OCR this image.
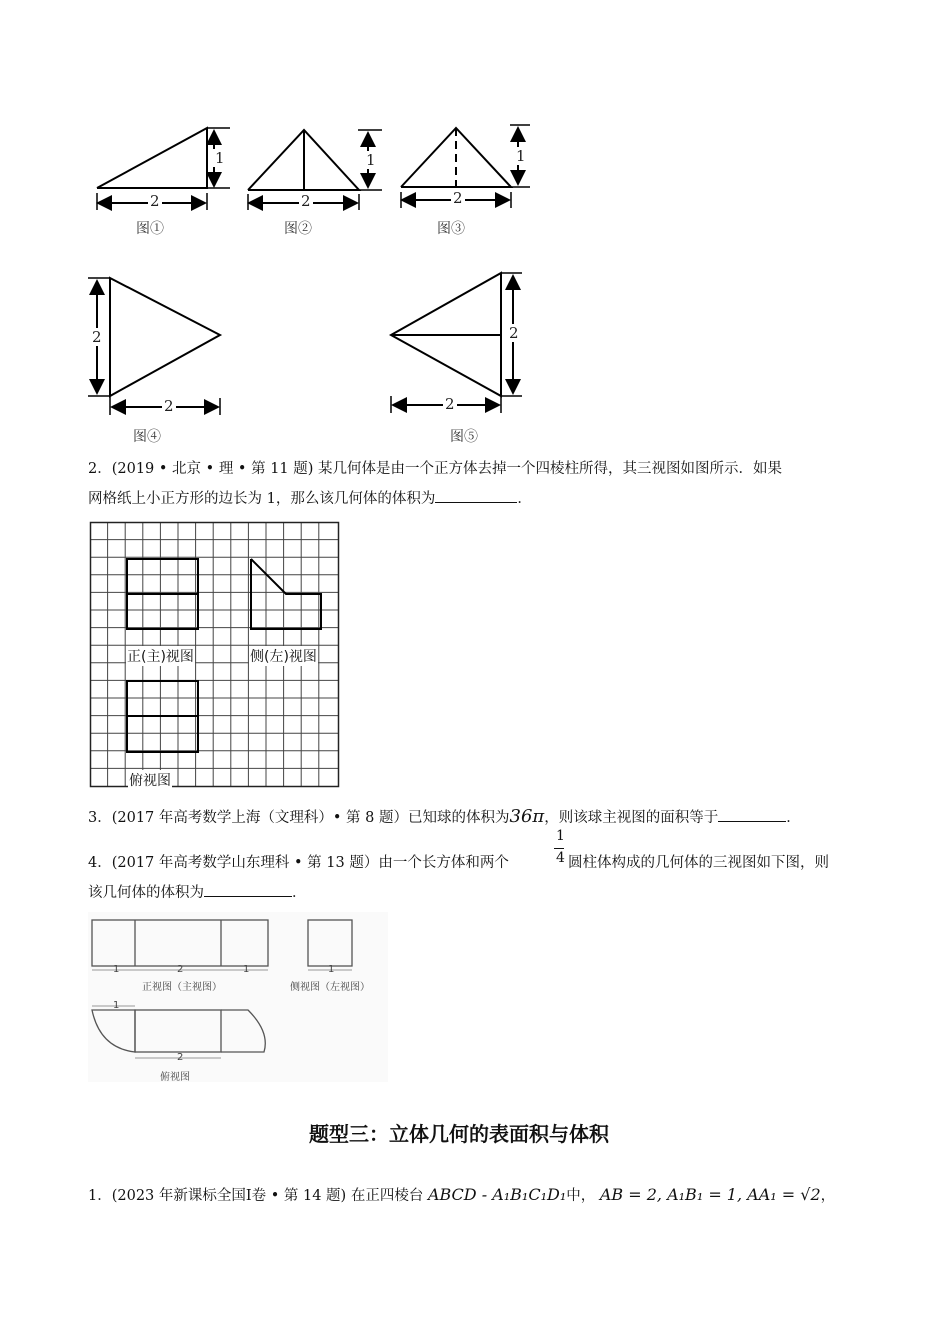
1
2
图①
1
2
图②
1
2
图③
2
2
图④
2
2
图⑤
2．(2019 • 北京 • 理 • 第 11 题) 某几何体是由一个正方体去掉一个四棱柱所得，其三视图如图所示．如果
网格纸上小正方形的边长为 1，那么该几何体的体积为	．
正(主)视图	侧(左)视图
俯视图
3．(2017 年高考数学上海（文理科）• 第 8 题）已知球的体积为36π，则该球主视图的面积等于	．
1
4
4．(2017 年高考数学山东理科 • 第 13 题）由一个长方体和两个	圆柱体构成的几何体的三视图如下图，则
该几何体的体积为	．
1	2	1	1
正视图（主视图）	侧视图（左视图）
1
2
俯视图
题型三：立体几何的表面积与体积
1．(2023 年新课标全国Ⅰ卷 • 第 14 题) 在正四棱台 ABCD - A₁B₁C₁D₁中， AB = 2, A₁B₁ = 1, AA₁ = √2，
